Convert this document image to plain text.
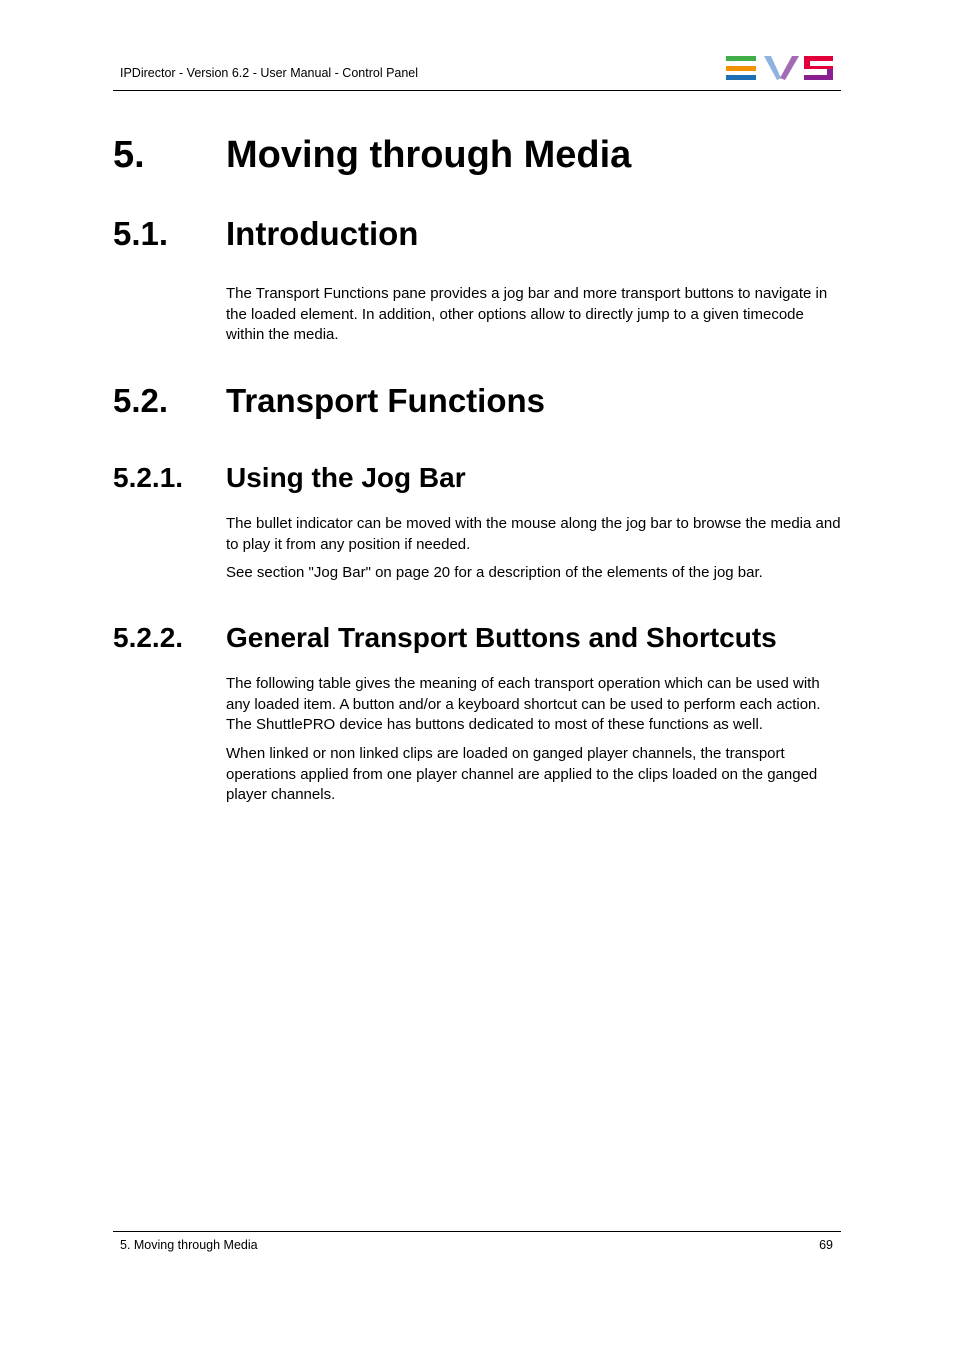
IPDirector - Version 6.2 - User Manual - Control Panel
5. Moving through Media
5.1. Introduction

The Transport Functions pane provides a jog bar and more transport buttons to navigate in the loaded element. In addition, other options allow to directly jump to a given timecode within the media.

5.2. Transport Functions
5.2.1. Using the Jog Bar

The bullet indicator can be moved with the mouse along the jog bar to browse the media and to play it from any position if needed.

See section "Jog Bar" on page 20 for a description of the elements of the jog bar.

5.2.2. General Transport Buttons and Shortcuts

The following table gives the meaning of each transport operation which can be used with any loaded item. A button and/or a keyboard shortcut can be used to perform each action. The ShuttlePRO device has buttons dedicated to most of these functions as well.

When linked or non linked clips are loaded on ganged player channels, the transport operations applied from one player channel are applied to the clips loaded on the ganged player channels.

5. Moving through Media	69
